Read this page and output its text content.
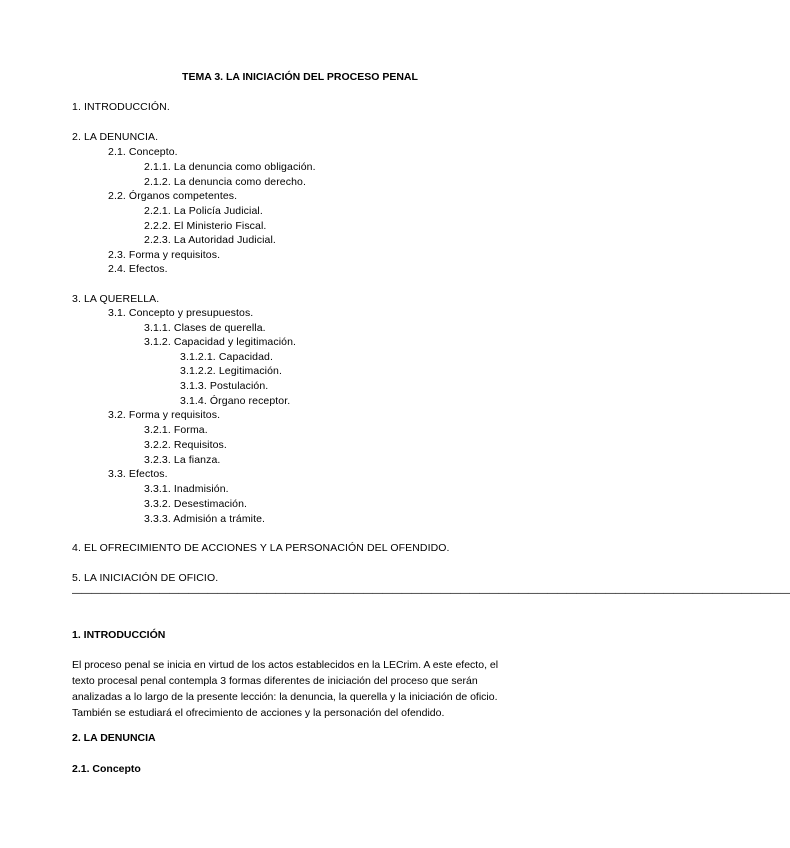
TEMA 3. LA INICIACIÓN DEL PROCESO PENAL
1. INTRODUCCIÓN.
2. LA DENUNCIA.
2.1. Concepto.
2.1.1. La denuncia como obligación.
2.1.2. La denuncia como derecho.
2.2. Órganos competentes.
2.2.1. La Policía Judicial.
2.2.2. El Ministerio Fiscal.
2.2.3. La Autoridad Judicial.
2.3. Forma y requisitos.
2.4. Efectos.
3. LA QUERELLA.
3.1. Concepto y presupuestos.
3.1.1. Clases de querella.
3.1.2. Capacidad y legitimación.
3.1.2.1. Capacidad.
3.1.2.2. Legitimación.
3.1.3. Postulación.
3.1.4. Órgano receptor.
3.2. Forma y requisitos.
3.2.1. Forma.
3.2.2. Requisitos.
3.2.3. La fianza.
3.3. Efectos.
3.3.1. Inadmisión.
3.3.2. Desestimación.
3.3.3. Admisión a trámite.
4. EL OFRECIMIENTO DE ACCIONES Y LA PERSONACIÓN DEL OFENDIDO.
5. LA INICIACIÓN DE OFICIO.
——————————————————————————————————————————————————————————————————————————
1. INTRODUCCIÓN
El proceso penal se inicia en virtud de los actos establecidos en la LECrim. A este efecto, el
texto procesal penal contempla 3 formas diferentes de iniciación del proceso que serán
analizadas a lo largo de la presente lección: la denuncia, la querella y la iniciación de oficio.
También se estudiará el ofrecimiento de acciones y la personación del ofendido.
2. LA DENUNCIA
2.1. Concepto
